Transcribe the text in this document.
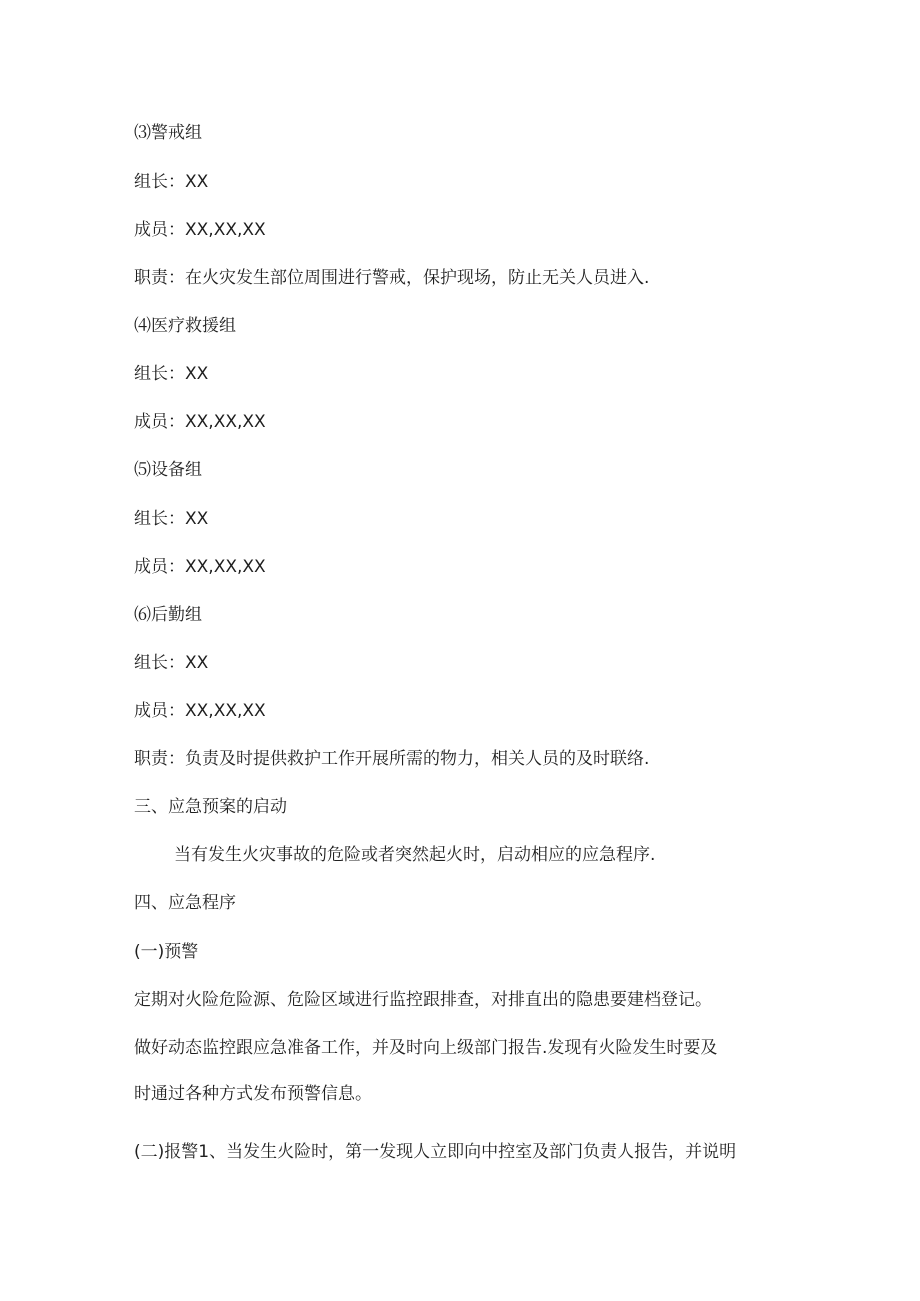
⑶警戒组

组长：XX

成员：XX,XX,XX

职责：在火灾发生部位周围进行警戒，保护现场，防止无关人员进入.

⑷医疗救援组

组长：XX

成员：XX,XX,XX

⑸设备组

组长：XX

成员：XX,XX,XX

⑹后勤组

组长：XX

成员：XX,XX,XX

职责：负责及时提供救护工作开展所需的物力，相关人员的及时联络.

三、应急预案的启动

当有发生火灾事故的危险或者突然起火时，启动相应的应急程序.

四、应急程序

(一)预警

定期对火险危险源、危险区域进行监控跟排查，对排直出的隐患要建档登记。

做好动态监控跟应急准备工作，并及时向上级部门报告.发现有火险发生时要及

时通过各种方式发布预警信息。

(二)报警1、当发生火险时，第一发现人立即向中控室及部门负责人报告，并说明
